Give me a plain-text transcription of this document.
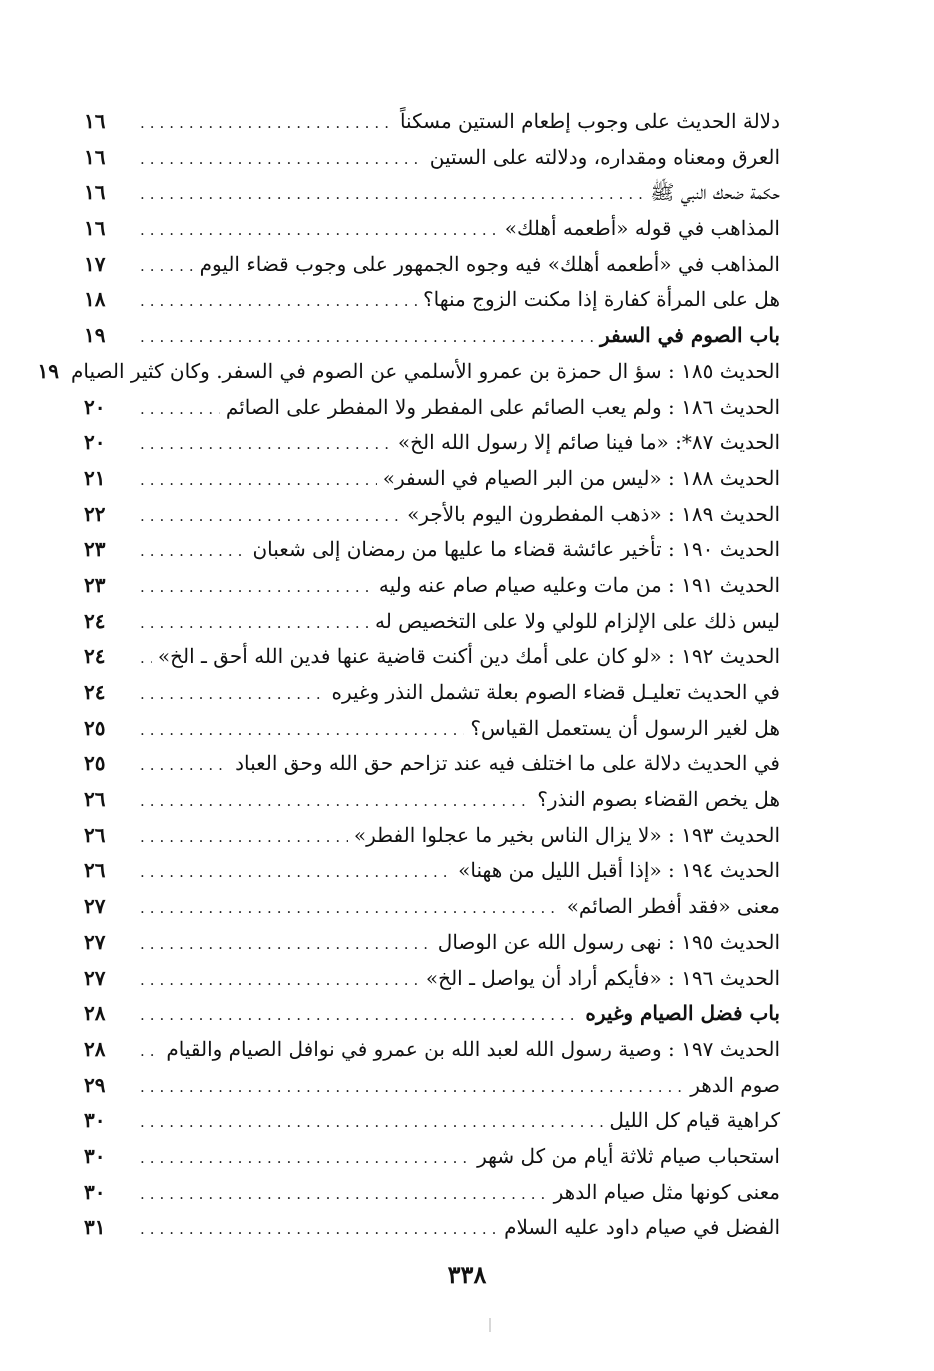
دلالة الحديث على وجوب إطعام الستين مسكناً
.....
١٦
العرق ومعناه ومقداره، ودلالته على الستين
.....
١٦
حكمة ضحك النبي ﷺ
.....
١٦
المذاهب في قوله «أطعمه أهلك»
.....
١٦
المذاهب في «أطعمه أهلك» فيه وجوه الجمهور على وجوب قضاء اليوم
.....
١٧
هل على المرأة كفارة إذا مكنت الزوج منها؟
.....
١٨
باب الصوم في السفر
.....
١٩
الحديث ١٨٥ : سؤ ال حمزة بن عمرو الأسلمي عن الصوم في السفر. وكان كثير الصيام
١٩
الحديث ١٨٦ : ولم يعب الصائم على المفطر ولا المفطر على الصائم
.....
٢٠
الحديث ٨٧*: «ما فينا صائم إلا رسول الله الخ»
.....
٢٠
الحديث ١٨٨ : «ليس من البر الصيام في السفر»
.....
٢١
الحديث ١٨٩ : «ذهب المفطرون اليوم بالأجر»
.....
٢٢
الحديث ١٩٠ : تأخير عائشة قضاء ما عليها من رمضان إلى شعبان
.....
٢٣
الحديث ١٩١ : من مات وعليه صيام صام عنه وليه
.....
٢٣
ليس ذلك على الإلزام للولي ولا على التخصيص له
.....
٢٤
الحديث ١٩٢ : «لو كان على أمك دين أكنت قاضية عنها فدين الله أحق ـ الخ»
.....
٢٤
في الحديث تعليـل قضاء الصوم بعلة تشمل النذر وغيره
.....
٢٤
هل لغير الرسول أن يستعمل القياس؟
.....
٢٥
في الحديث دلالة على ما اختلف فيه عند تزاحم حق الله وحق العباد
.....
٢٥
هل يخص القضاء بصوم النذر؟
.....
٢٦
الحديث ١٩٣ : «لا يزال الناس بخير ما عجلوا الفطر»
.....
٢٦
الحديث ١٩٤ : «إذا أقبل الليل من ههنا»
.....
٢٦
معنى «فقد أفطر الصائم»
.....
٢٧
الحديث ١٩٥ : نهى رسول الله عن الوصال
.....
٢٧
الحديث ١٩٦ : «فأيكم أراد أن يواصل ـ الخ»
.....
٢٧
باب فضل الصيام وغيره
.....
٢٨
الحديث ١٩٧ : وصية رسول الله لعبد الله بن عمرو في نوافل الصيام والقيام
.....
٢٨
صوم الدهر
.....
٢٩
كراهية قيام كل الليل
.....
٣٠
استحباب صيام ثلاثة أيام من كل شهر
.....
٣٠
معنى كونها مثل صيام الدهر
.....
٣٠
الفضل في صيام داود عليه السلام
.....
٣١
٣٣٨
